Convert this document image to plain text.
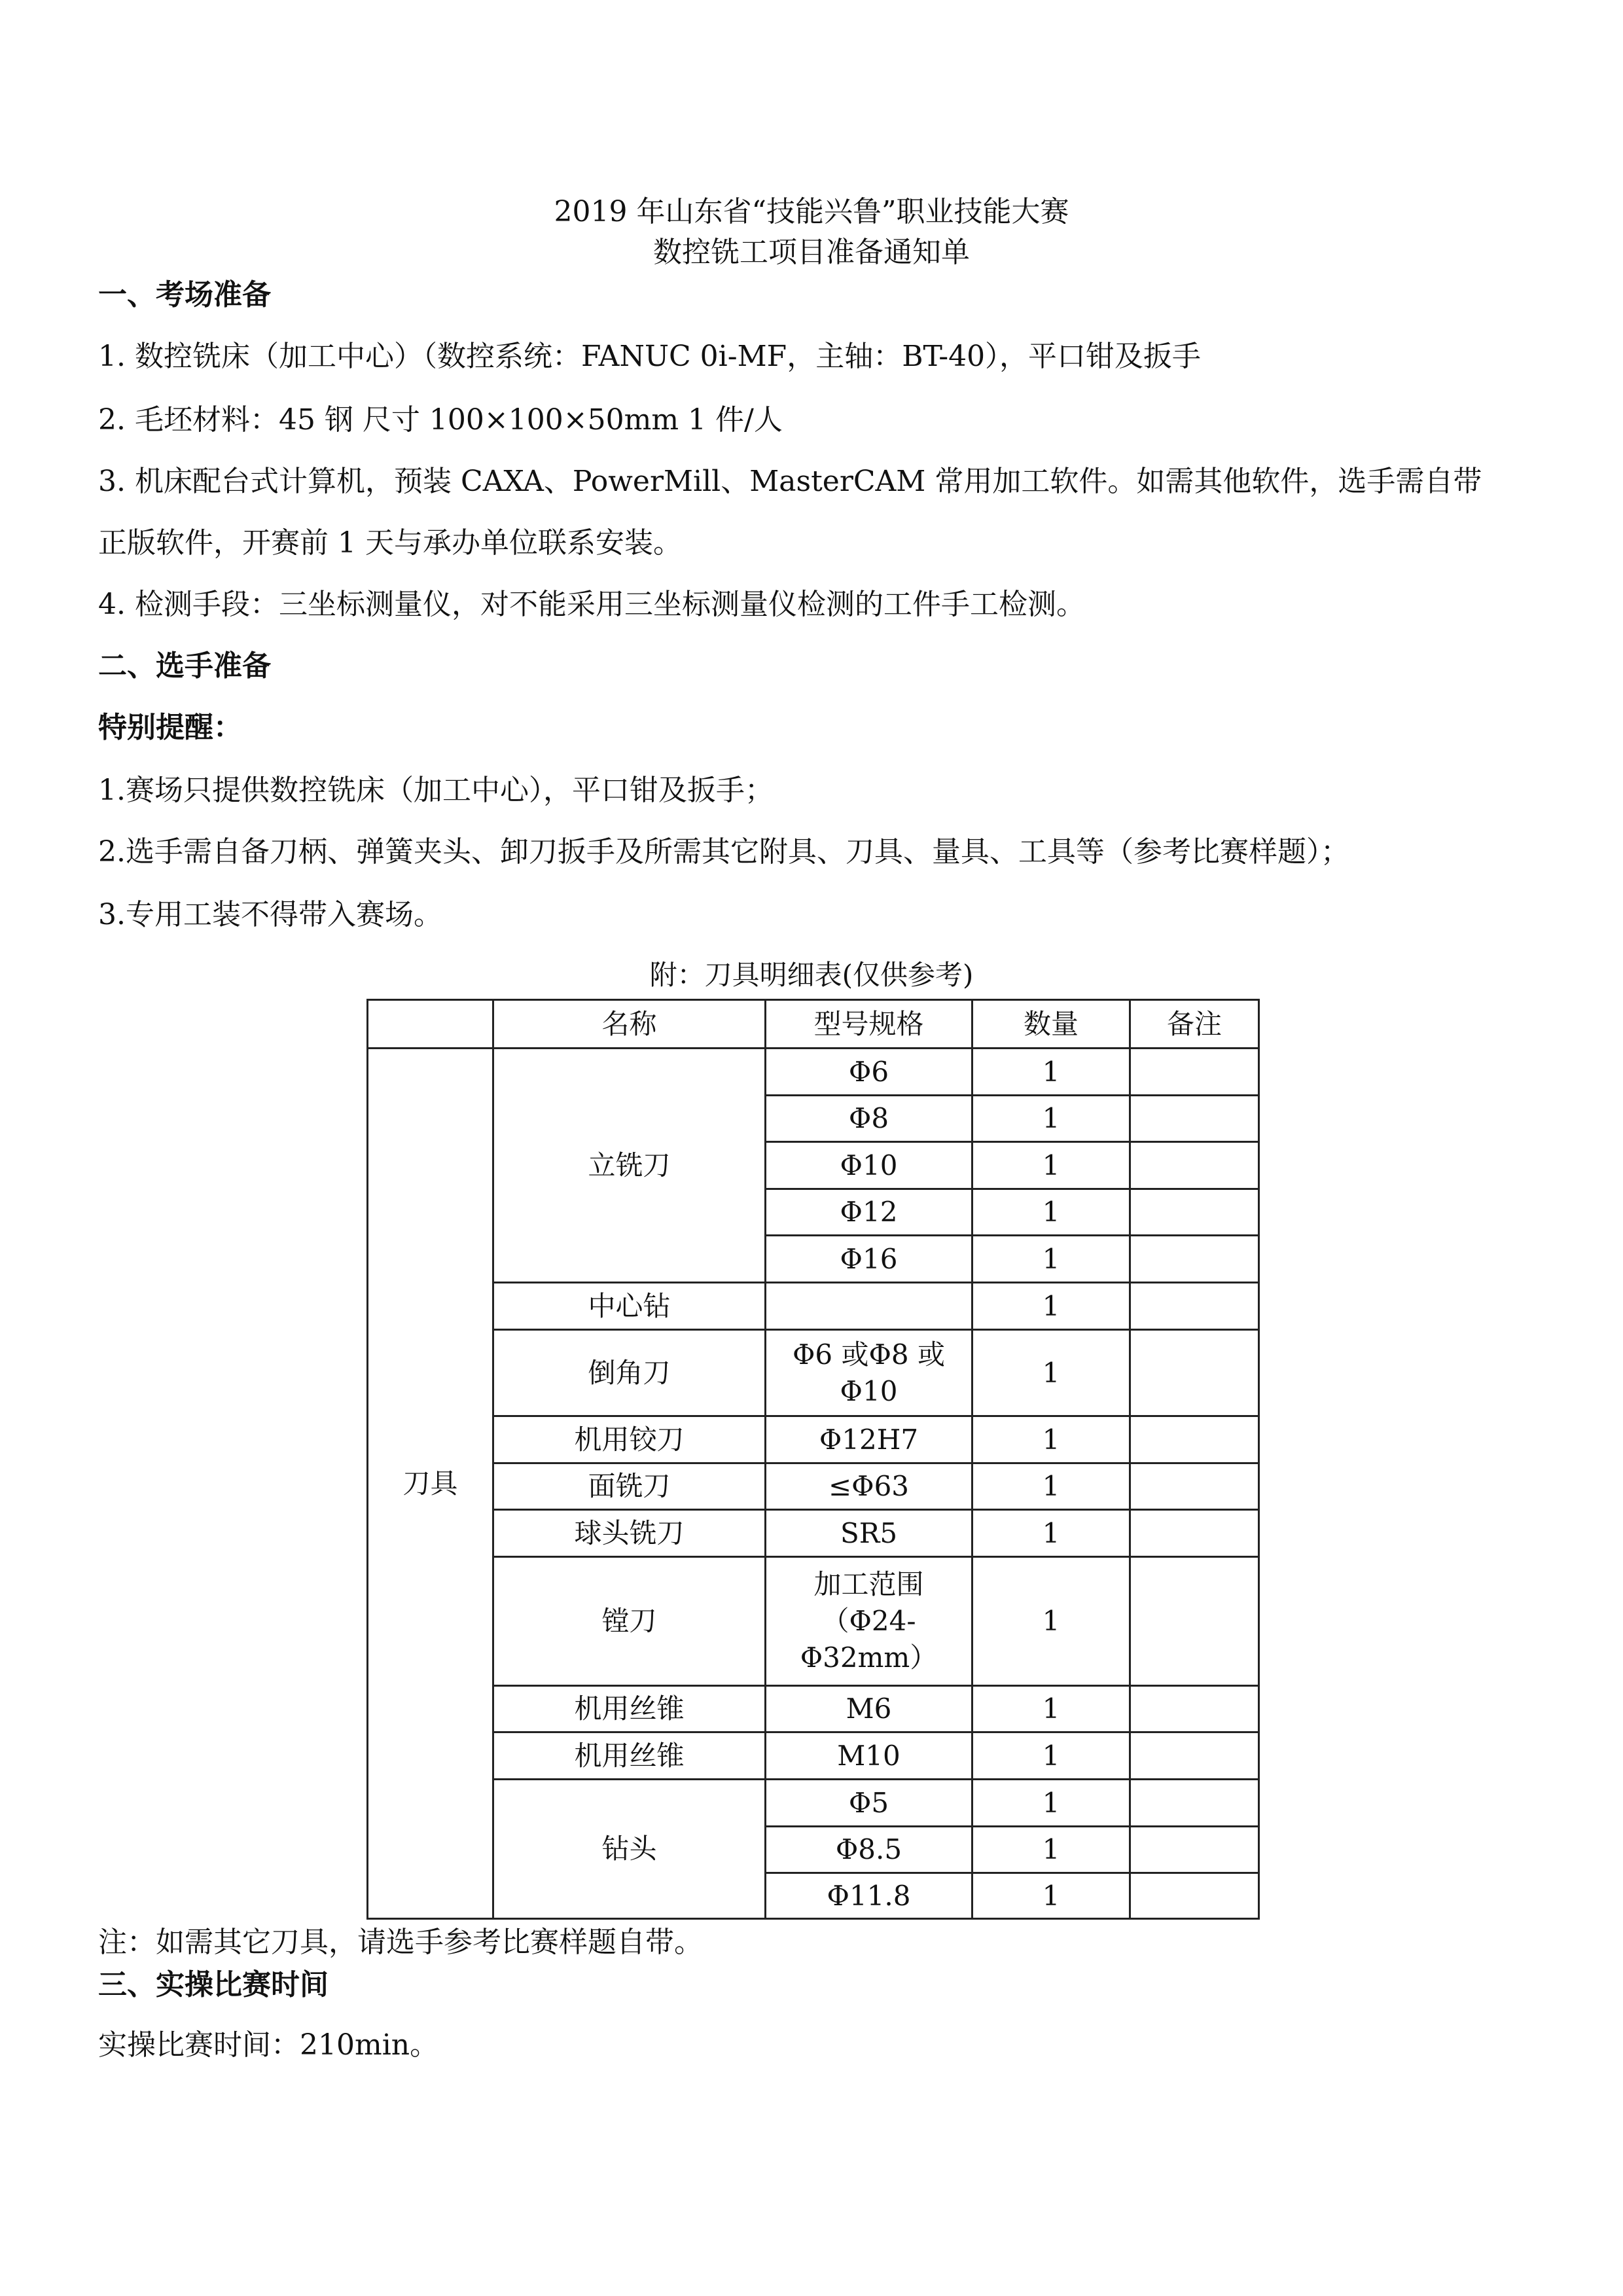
2019 年山东省“技能兴鲁”职业技能大赛
数控铣工项目准备通知单
一、考场准备
1. 数控铣床（加工中心）（数控系统：FANUC 0i-MF，主轴：BT-40），平口钳及扳手
2. 毛坯材料：45 钢 尺寸 100×100×50mm 1 件/人
3. 机床配台式计算机，预装 CAXA、PowerMill、MasterCAM 常用加工软件。如需其他软件，选手需自带
正版软件，开赛前 1 天与承办单位联系安装。
4. 检测手段：三坐标测量仪，对不能采用三坐标测量仪检测的工件手工检测。
二、选手准备
特别提醒：
1.赛场只提供数控铣床（加工中心），平口钳及扳手；
2.选手需自备刀柄、弹簧夹头、卸刀扳手及所需其它附具、刀具、量具、工具等（参考比赛样题）；
3.专用工装不得带入赛场。
附：刀具明细表(仅供参考)
	名称	型号规格	数量	备注
刀具	立铣刀	Φ6	1	
		Φ8	1	
		Φ10	1	
		Φ12	1	
		Φ16	1	
	中心钻		1	
	倒角刀	Φ6 或Φ8 或
Φ10	1	
	机用铰刀	Φ12H7	1	
	面铣刀	≤Φ63	1	
	球头铣刀	SR5	1	
	镗刀	加工范围
（Φ24-
Φ32mm）	1	
	机用丝锥	M6	1	
	机用丝锥	M10	1	
	钻头	Φ5	1	
		Φ8.5	1	
		Φ11.8	1	
注：如需其它刀具，请选手参考比赛样题自带。
三、实操比赛时间
实操比赛时间：210min。
